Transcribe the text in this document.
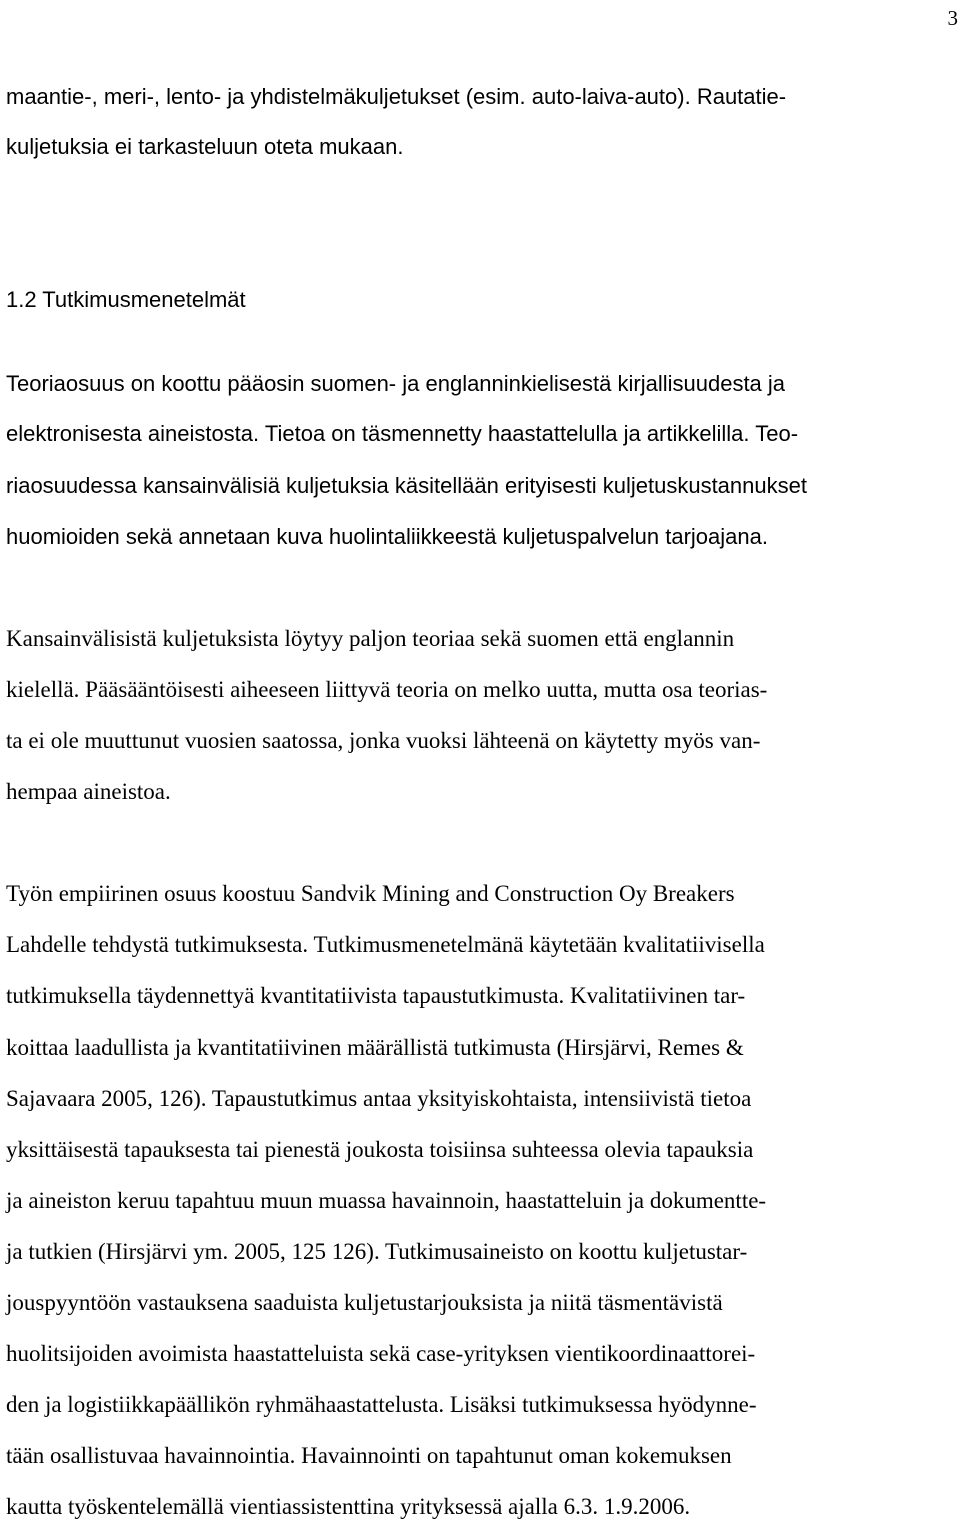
3
maantie-, meri-, lento- ja yhdistelmäkuljetukset (esim. auto-laiva-auto). Rautatie-
kuljetuksia ei tarkasteluun oteta mukaan.
1.2 Tutkimusmenetelmät
Teoriaosuus on koottu pääosin suomen- ja englanninkielisestä kirjallisuudesta ja
elektronisesta aineistosta. Tietoa on täsmennetty haastattelulla ja artikkelilla. Teo-
riaosuudessa kansainvälisiä kuljetuksia käsitellään erityisesti kuljetuskustannukset
huomioiden sekä annetaan kuva huolintaliikkeestä kuljetuspalvelun tarjoajana.
Kansainvälisistä kuljetuksista löytyy paljon teoriaa sekä suomen että englannin
kielellä. Pääsääntöisesti aiheeseen liittyvä teoria on melko uutta, mutta osa teorias-
ta ei ole muuttunut vuosien saatossa, jonka vuoksi lähteenä on käytetty myös van-
hempaa aineistoa.
Työn empiirinen osuus koostuu Sandvik Mining and Construction Oy Breakers
Lahdelle tehdystä tutkimuksesta. Tutkimusmenetelmänä käytetään kvalitatiivisella
tutkimuksella täydennettyä kvantitatiivista tapaustutkimusta. Kvalitatiivinen tar-
koittaa laadullista ja kvantitatiivinen määrällistä tutkimusta (Hirsjärvi, Remes &
Sajavaara 2005, 126). Tapaustutkimus antaa yksityiskohtaista, intensiivistä tietoa
yksittäisestä tapauksesta tai pienestä joukosta toisiinsa suhteessa olevia tapauksia
ja aineiston keruu tapahtuu muun muassa havainnoin, haastatteluin ja dokumentte-
ja tutkien (Hirsjärvi ym. 2005, 125 126). Tutkimusaineisto on koottu kuljetustar-
jouspyyntöön vastauksena saaduista kuljetustarjouksista ja niitä täsmentävistä
huolitsijoiden avoimista haastatteluista sekä case-yrityksen vientikoordinaattorei-
den ja logistiikkapäällikön ryhmähaastattelusta. Lisäksi tutkimuksessa hyödynne-
tään osallistuvaa havainnointia. Havainnointi on tapahtunut oman kokemuksen
kautta työskentelemällä vientiassistenttina yrityksessä ajalla 6.3. 1.9.2006.
